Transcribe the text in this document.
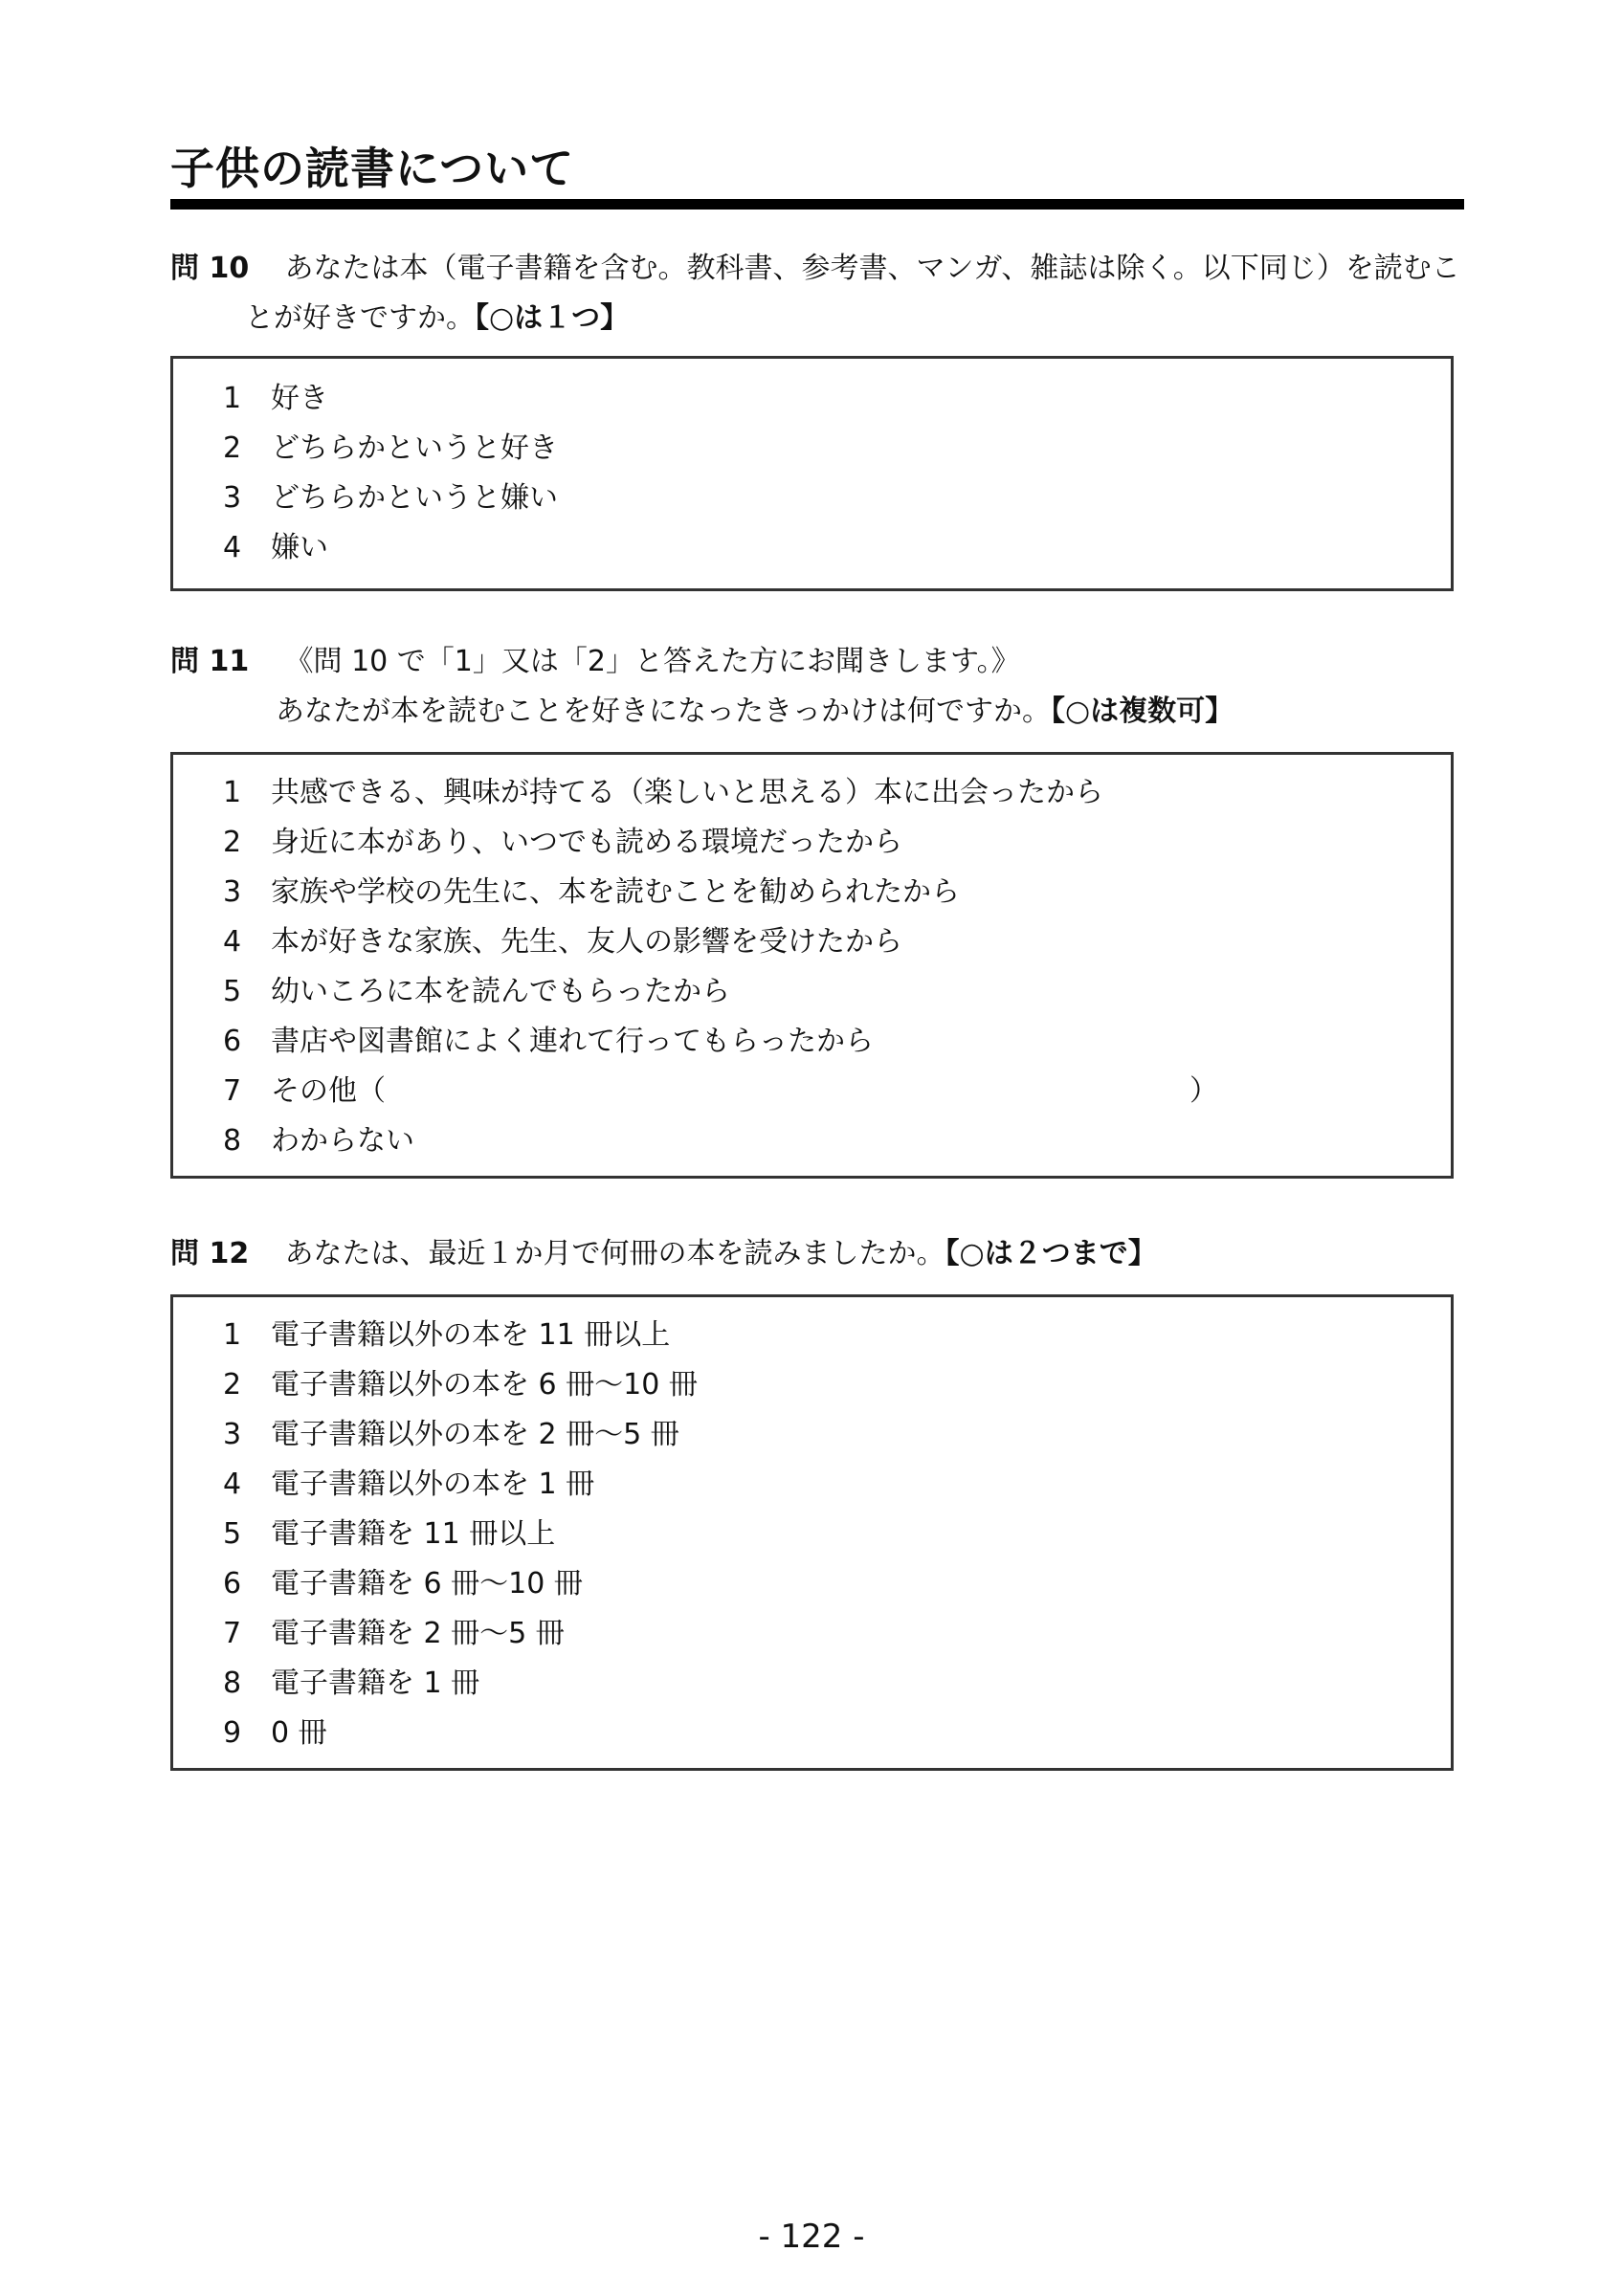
子供の読書について
問 10 あなたは本（電子書籍を含む。教科書、参考書、マンガ、雑誌は除く。以下同じ）を読むこ
とが好きですか。【○は１つ】
1 好き
2 どちらかというと好き
3 どちらかというと嫌い
4 嫌い
問 11 《問 10 で「1」又は「2」と答えた方にお聞きします。》
あなたが本を読むことを好きになったきっかけは何ですか。【○は複数可】
1 共感できる、興味が持てる（楽しいと思える）本に出会ったから
2 身近に本があり、いつでも読める環境だったから
3 家族や学校の先生に、本を読むことを勧められたから
4 本が好きな家族、先生、友人の影響を受けたから
5 幼いころに本を読んでもらったから
6 書店や図書館によく連れて行ってもらったから
7 その他（	）
8 わからない
問 12 あなたは、最近１か月で何冊の本を読みましたか。【○は２つまで】
1 電子書籍以外の本を 11 冊以上
2 電子書籍以外の本を 6 冊～10 冊
3 電子書籍以外の本を 2 冊～5 冊
4 電子書籍以外の本を 1 冊
5 電子書籍を 11 冊以上
6 電子書籍を 6 冊～10 冊
7 電子書籍を 2 冊～5 冊
8 電子書籍を 1 冊
9 0 冊
- 122 -
